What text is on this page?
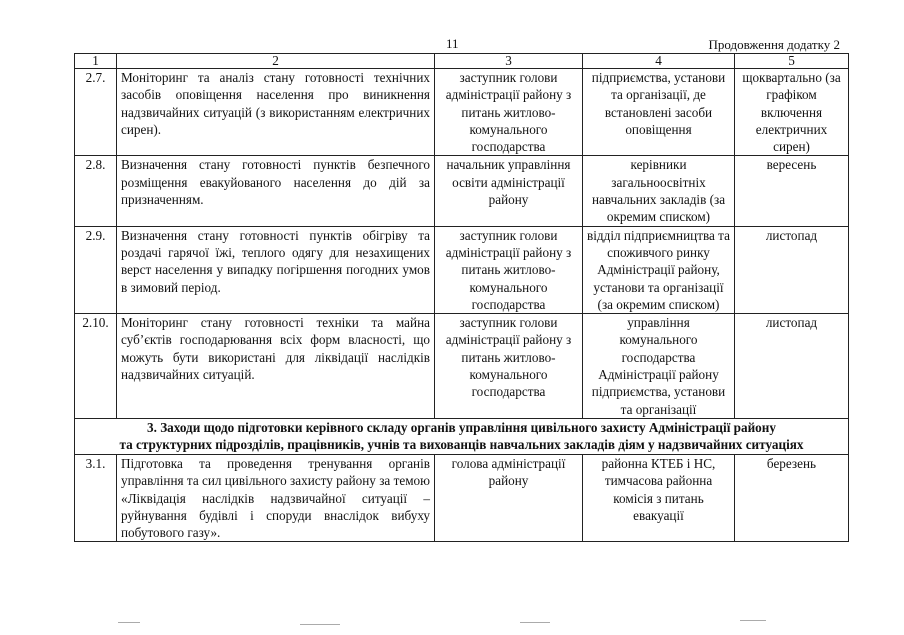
11	Продовження додатку 2
1	2	3	4	5
2.7.	Моніторинг та аналіз стану готовності технічних засобів оповіщення населення про виникнення надзвичайних ситуацій (з використанням електричних сирен).	заступник голови адміністрації району з питань житлово-комунального господарства	підприємства, установи та організації, де встановлені засоби оповіщення	щоквартально (за графіком включення електричних сирен)
2.8.	Визначення стану готовності пунктів безпечного розміщення евакуйованого населення до дій за призначенням.	начальник управління освіти адміністрації району	керівники загальноосвітніх навчальних закладів (за окремим списком)	вересень
2.9.	Визначення стану готовності пунктів обігріву та роздачі гарячої їжі, теплого одягу для незахищених верст населення у випадку погіршення погодних умов в зимовий період.	заступник голови адміністрації району з питань житлово-комунального господарства	відділ підприємництва та споживчого ринку Адміністрації району, установи та організації (за окремим списком)	листопад
2.10.	Моніторинг стану готовності техніки та майна суб’єктів господарювання всіх форм власності, що можуть бути використані для ліквідації наслідків надзвичайних ситуацій.	заступник голови адміністрації району з питань житлово-комунального господарства	управління комунального господарства Адміністрації району підприємства, установи та організації	листопад

3. Заходи щодо підготовки керівного складу органів управління цивільного захисту Адміністрації району
та структурних підрозділів, працівників, учнів та вихованців навчальних закладів діям у надзвичайних ситуаціях				

3.1.	Підготовка та проведення тренування органів управління та сил цивільного захисту району за темою «Ліквідація наслідків надзвичайної ситуації – руйнування будівлі і споруди внаслідок вибуху побутового газу».	голова адміністрації району	районна КТЕБ і НС, тимчасова районна комісія з питань евакуації	березень
